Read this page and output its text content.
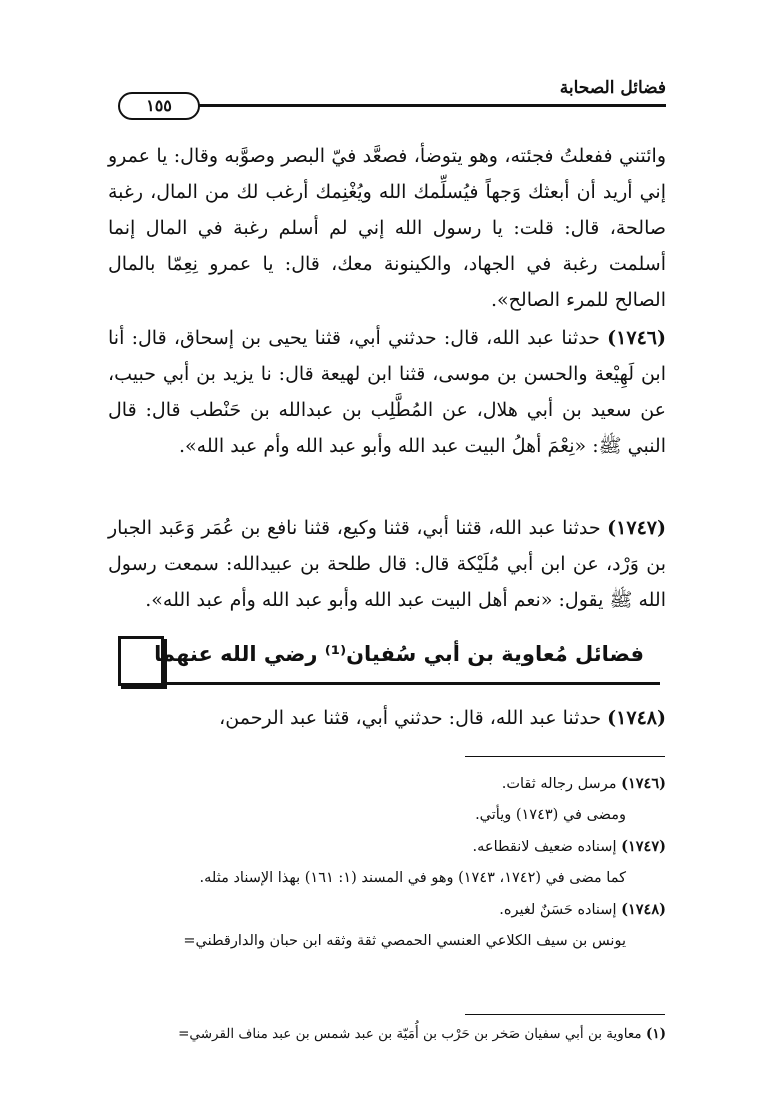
فضائل الصحابة
١٥٥
وائتني ففعلتُ فجئته، وهو يتوضأ، فصعَّد فيّ البصر وصوَّبه وقال: يا عمرو إني أريد أن أبعثك وَجهاً فيُسلِّمك الله ويُغْنِمك أرغب لك من المال، رغبة صالحة، قال: قلت: يا رسول الله إني لم أسلم رغبة في المال إنما أسلمت رغبة في الجهاد، والكينونة معك، قال: يا عمرو نِعِمّا بالمال الصالح للمرء الصالح».
(١٧٤٦) حدثنا عبد الله، قال: حدثني أبي، قثنا يحيى بن إسحاق، قال: أنا ابن لَهِيْعة والحسن بن موسى، قثنا ابن لهيعة قال: نا يزيد بن أبي حبيب، عن سعيد بن أبي هلال، عن المُطَّلِب بن عبدالله بن حَنْطب قال: قال النبي ﷺ: «نِعْمَ أهلُ البيت عبد الله وأبو عبد الله وأم عبد الله».
(١٧٤٧) حدثنا عبد الله، قثنا أبي، قثنا وكيع، قثنا نافع بن عُمَر وَعَبد الجبار بن وَرْد، عن ابن أبي مُلَيْكة قال: قال طلحة بن عبيدالله: سمعت رسول الله ﷺ يقول: «نعم أهل البيت عبد الله وأبو عبد الله وأم عبد الله».
فضائل مُعاوية بن أبي سُفيان⁽¹⁾ رضي الله عنهما
(١٧٤٨) حدثنا عبد الله، قال: حدثني أبي، قثنا عبد الرحمن،
(١٧٤٦) مرسل رجاله ثقات.
ومضى في (١٧٤٣) ويأتي.
(١٧٤٧) إسناده ضعيف لانقطاعه.
كما مضى في (١٧٤٢، ١٧٤٣) وهو في المسند (١: ١٦١) بهذا الإسناد مثله.
(١٧٤٨) إسناده حَسَنٌ لغيره.
يونس بن سيف الكلاعي العنسي الحمصي ثقة وثقه ابن حبان والدارقطني=
(١) معاوية بن أبي سفيان صَخر بن حَرْب بن أُمَيّة بن عبد شمس بن عبد مناف القرشي=
